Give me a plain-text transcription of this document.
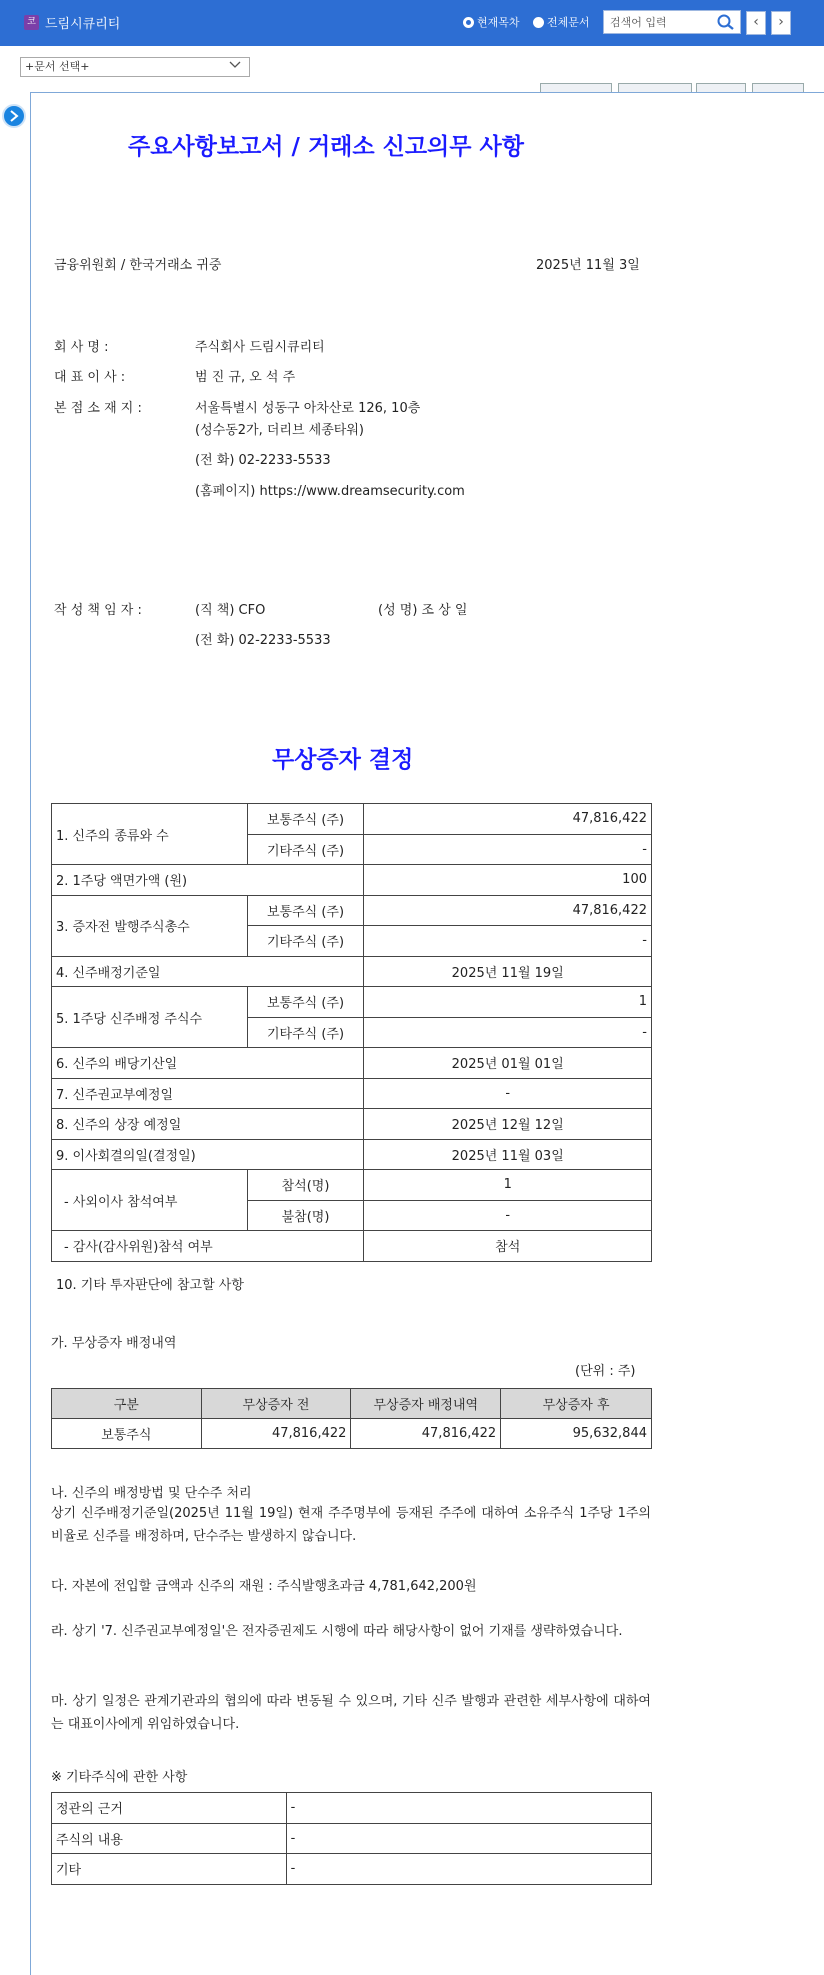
코 드림시큐리티	현재목차 전체문서
검색어 입력	‹	›
+문서 선택+
주요사항보고서 / 거래소 신고의무 사항
금융위원회 / 한국거래소 귀중	2025년 11월 3일
회 사 명 :	주식회사 드림시큐리티
대 표 이 사 :	범 진 규, 오 석 주
본 점 소 재 지 :	서울특별시 성동구 아차산로 126, 10층
(성수동2가, 더리브 세종타워)
(전 화) 02-2233-5533
(홈페이지) https://www.dreamsecurity.com
작 성 책 임 자 :	(직 책) CFO	(성 명) 조 상 일
(전 화) 02-2233-5533
무상증자 결정
1. 신주의 종류와 수	보통주식 (주)	47,816,422
	기타주식 (주)	-
2. 1주당 액면가액 (원)		100
3. 증자전 발행주식총수	보통주식 (주)	47,816,422
	기타주식 (주)	-
4. 신주배정기준일		2025년 11월 19일
5. 1주당 신주배정 주식수	보통주식 (주)	1
	기타주식 (주)	-
6. 신주의 배당기산일		2025년 01월 01일
7. 신주권교부예정일		-
8. 신주의 상장 예정일		2025년 12월 12일
9. 이사회결의일(결정일)		2025년 11월 03일
- 사외이사 참석여부	참석(명)	1
	불참(명)	-
- 감사(감사위원)참석 여부		참석
10. 기타 투자판단에 참고할 사항
가. 무상증자 배정내역
(단위 : 주)
구분	무상증자 전	무상증자 배정내역	무상증자 후
보통주식	47,816,422	47,816,422	95,632,844
나. 신주의 배정방법 및 단수주 처리
상기 신주배정기준일(2025년 11월 19일) 현재 주주명부에 등재된 주주에 대하여 소유주식 1주당 1주의 비율로 신주를 배정하며, 단수주는 발생하지 않습니다.
다. 자본에 전입할 금액과 신주의 재원 : 주식발행초과금 4,781,642,200원
라. 상기 '7. 신주권교부예정일'은 전자증권제도 시행에 따라 해당사항이 없어 기재를 생략하였습니다.
마. 상기 일정은 관계기관과의 협의에 따라 변동될 수 있으며, 기타 신주 발행과 관련한 세부사항에 대하여는 대표이사에게 위임하였습니다.
※ 기타주식에 관한 사항
정관의 근거	-
주식의 내용	-
기타	-
